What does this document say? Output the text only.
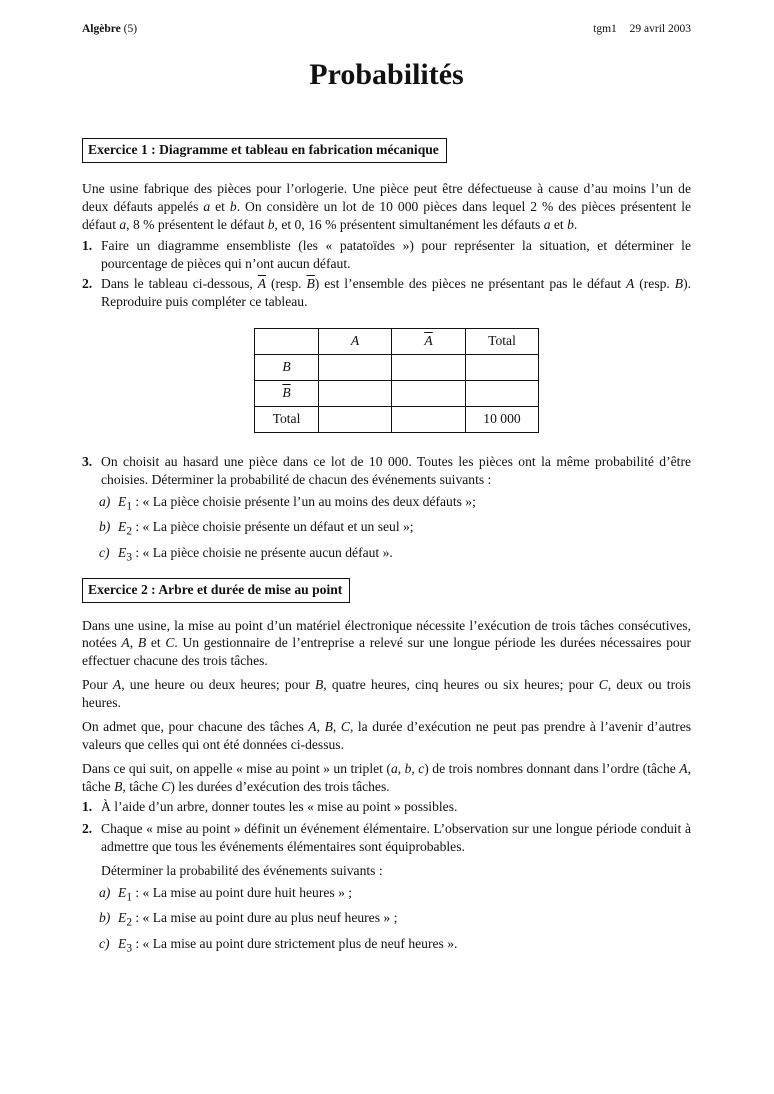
Algèbre (5)	tgm1 29 avril 2003
Probabilités
Exercice 1 : Diagramme et tableau en fabrication mécanique

Une usine fabrique des pièces pour l’orlogerie. Une pièce peut être défectueuse à cause d’au moins l’un de deux défauts appelés a et b. On considère un lot de 10 000 pièces dans lequel 2 % des pièces présentent le défaut a, 8 % présentent le défaut b, et 0, 16 % présentent simultanément les défauts a et b.

1. Faire un diagramme ensembliste (les « patatoïdes ») pour représenter la situation, et déterminer le pourcentage de pièces qui n’ont aucun défaut.
2. Dans le tableau ci-dessous, $\overline{A}$ (resp. $\overline{B}$) est l’ensemble des pièces ne présentant pas le défaut A (resp. B). Reproduire puis compléter ce tableau.
	A	$\overline{A}$	Total
B			
$\overline{B}$			
Total			10 000
3. On choisit au hasard une pièce dans ce lot de 10 000. Toutes les pièces ont la même probabilité d’être choisies. Déterminer la probabilité de chacun des événements suivants :
a) $E_1$ : « La pièce choisie présente l’un au moins des deux défauts »;
b) $E_2$ : « La pièce choisie présente un défaut et un seul »;
c) $E_3$ : « La pièce choisie ne présente aucun défaut ».
Exercice 2 : Arbre et durée de mise au point

Dans une usine, la mise au point d’un matériel électronique nécessite l’exécution de trois tâches consécutives, notées A, B et C. Un gestionnaire de l’entreprise a relevé sur une longue période les durées nécessaires pour effectuer chacune des trois tâches.

Pour A, une heure ou deux heures; pour B, quatre heures, cinq heures ou six heures; pour C, deux ou trois heures.

On admet que, pour chacune des tâches A, B, C, la durée d’exécution ne peut pas prendre à l’avenir d’autres valeurs que celles qui ont été données ci-dessus.

Dans ce qui suit, on appelle « mise au point » un triplet (a, b, c) de trois nombres donnant dans l’ordre (tâche A, tâche B, tâche C) les durées d’exécution des trois tâches.

1. À l’aide d’un arbre, donner toutes les « mise au point » possibles.
2. Chaque « mise au point » définit un événement élémentaire. L’observation sur une longue période conduit à admettre que tous les événements élémentaires sont équiprobables.
Déterminer la probabilité des événements suivants :
a) $E_1$ : « La mise au point dure huit heures » ;
b) $E_2$ : « La mise au point dure au plus neuf heures » ;
c) $E_3$ : « La mise au point dure strictement plus de neuf heures ».
